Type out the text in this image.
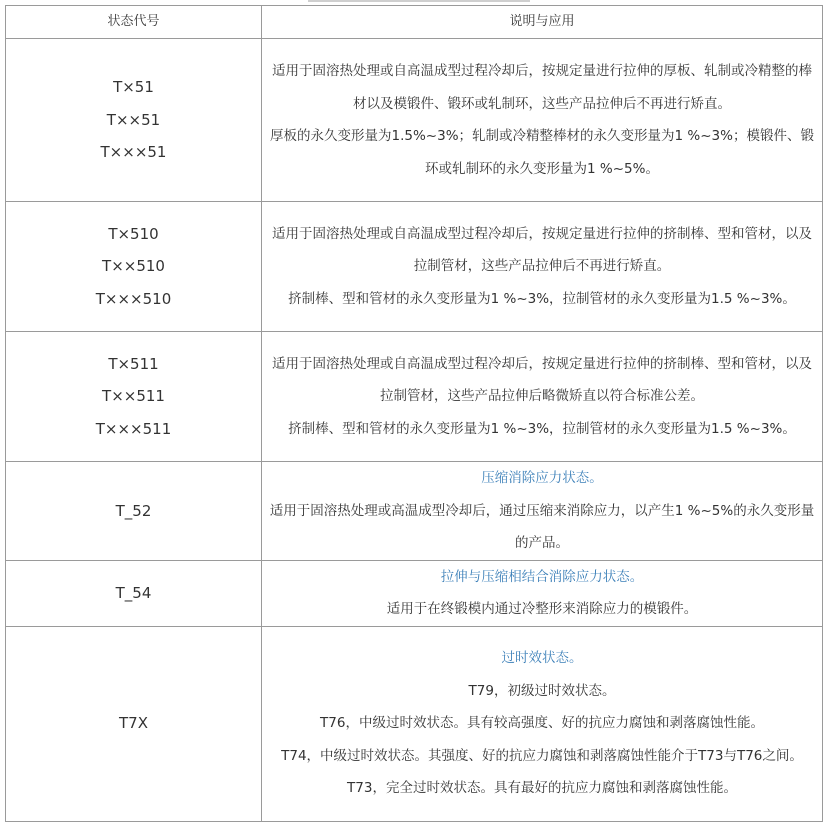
状态代号	说明与应用

T×51
T××51
T×××51	适用于固溶热处理或自高温成型过程冷却后，按规定量进行拉伸的厚板、轧制或冷精整的棒材以及模锻件、锻环或轧制环，这些产品拉伸后不再进行矫直。
厚板的永久变形量为1.5%~3%；轧制或冷精整棒材的永久变形量为1 %~3%；模锻件、锻环或轧制环的永久变形量为1 %~5%。

T×510
T××510
T×××510	适用于固溶热处理或自高温成型过程冷却后，按规定量进行拉伸的挤制棒、型和管材，以及拉制管材，这些产品拉伸后不再进行矫直。
挤制棒、型和管材的永久变形量为1 %~3%，拉制管材的永久变形量为1.5 %~3%。

T×511
T××511
T×××511	适用于固溶热处理或自高温成型过程冷却后，按规定量进行拉伸的挤制棒、型和管材，以及拉制管材，这些产品拉伸后略微矫直以符合标准公差。
挤制棒、型和管材的永久变形量为1 %~3%，拉制管材的永久变形量为1.5 %~3%。

T_52	压缩消除应力状态。
适用于固溶热处理或高温成型冷却后，通过压缩来消除应力，以产生1 %~5%的永久变形量的产品。

T_54	拉伸与压缩相结合消除应力状态。
适用于在终锻模内通过冷整形来消除应力的模锻件。

T7X	过时效状态。
T79，初级过时效状态。
T76，中级过时效状态。具有较高强度、好的抗应力腐蚀和剥落腐蚀性能。
T74，中级过时效状态。其强度、好的抗应力腐蚀和剥落腐蚀性能介于T73与T76之间。
T73，完全过时效状态。具有最好的抗应力腐蚀和剥落腐蚀性能。
